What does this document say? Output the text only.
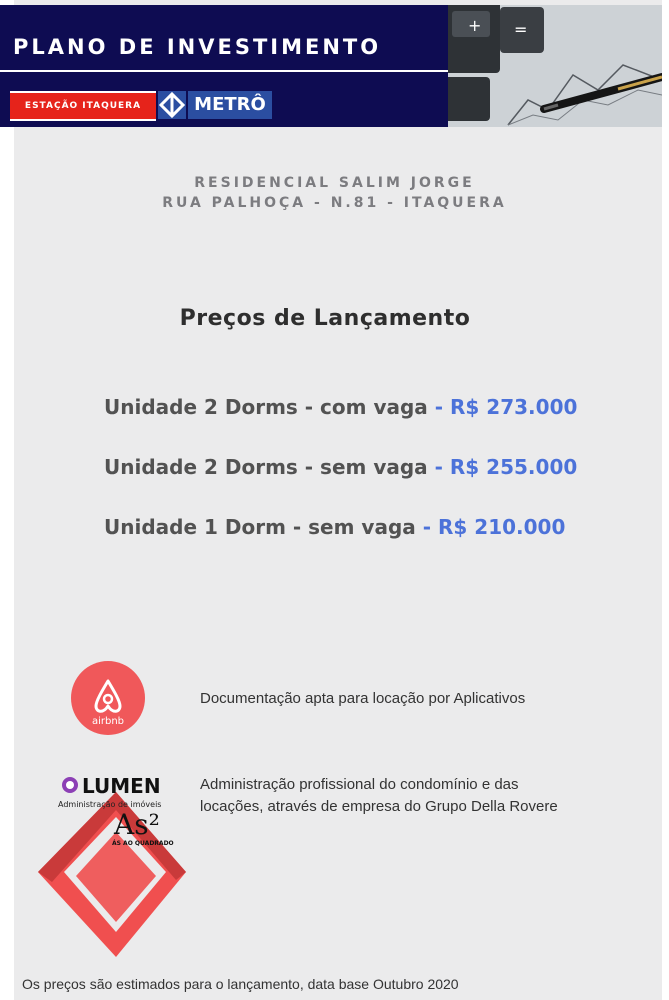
PLANO DE INVESTIMENTO
ESTAÇÃO ITAQUERA	METRÔ
+ =
RESIDENCIAL SALIM JORGE
RUA PALHOÇA - N.81 - ITAQUERA
Preços de Lançamento
Unidade 2 Dorms - com vaga - R$ 273.000
Unidade 2 Dorms - sem vaga - R$ 255.000
Unidade 1 Dorm - sem vaga - R$ 210.000
airbnb
Documentação apta para locação por Aplicativos
LUMEN
Administração de imóveis
As²
ÁS AO QUADRADO
Administração profissional do condomínio e das
locações, através de empresa do Grupo Della Rovere
Os preços são estimados para o lançamento, data base Outubro 2020
